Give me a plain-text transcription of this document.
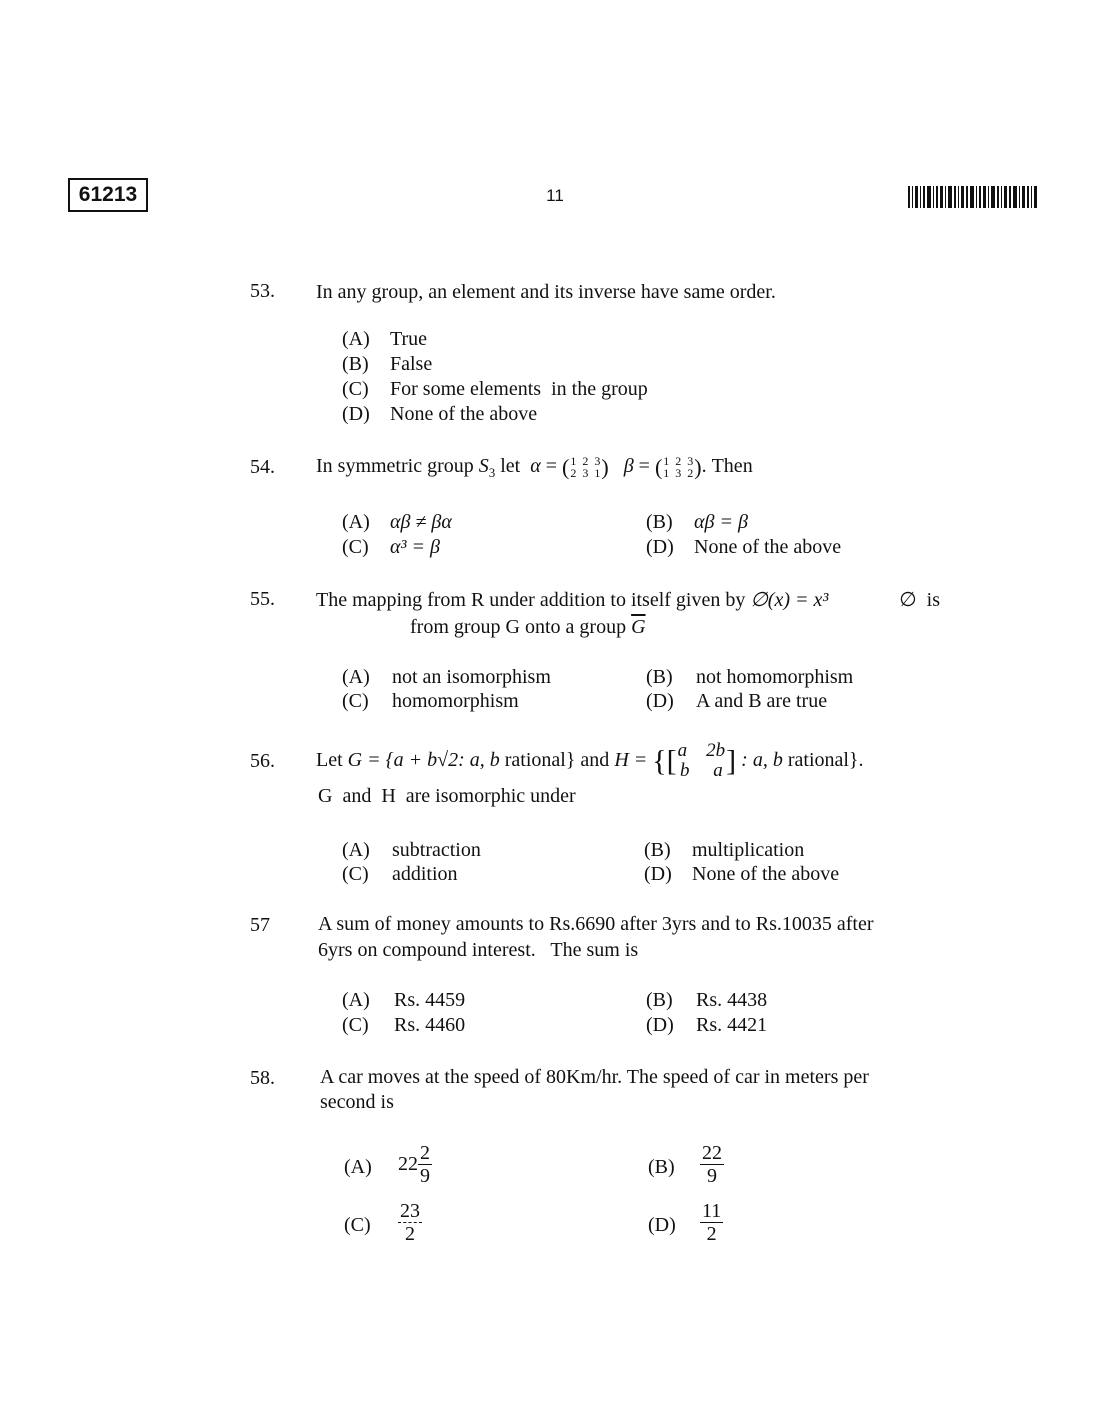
61213	11
53.	In any group, an element and its inverse have same order.
(A) True
(B) False
(C) For some elements  in the group
(D) None of the above
54.	In symmetric group $S_3$ let α = ( 1  2  3
2  3  1 ) β = ( 1  2  3
1  3  2 ). Then
(A) αβ ≠ βα	(B) αβ = β
(C) α³ = β	(D) None of the above
55.	The mapping from R under addition to itself given by ∅(x) = x³	∅ is
from group G onto a group $\overline{G}$
(A) not an isomorphism	(B) not homomorphism
(C) homomorphism	(D) A and B are true
56.	Let G = {a + b√2: a, b rational} and H = {[ a 2b
b a ] : a, b rational}.
G  and  H  are isomorphic under
(A) subtraction	(B) multiplication
(C) addition	(D) None of the above
57	A sum of money amounts to Rs.6690 after 3yrs and to Rs.10035 after
6yrs on compound interest.   The sum is
(A) Rs. 4459	(B) Rs. 4438
(C) Rs. 4460	(D) Rs. 4421
58.	A car moves at the speed of 80Km/hr. The speed of car in meters per
second is
(A) $22 \frac{2}{9}$	$(B) \frac{22}{9}$
$(C) \frac{23}{2}$	$(D) \frac{11}{2}$
